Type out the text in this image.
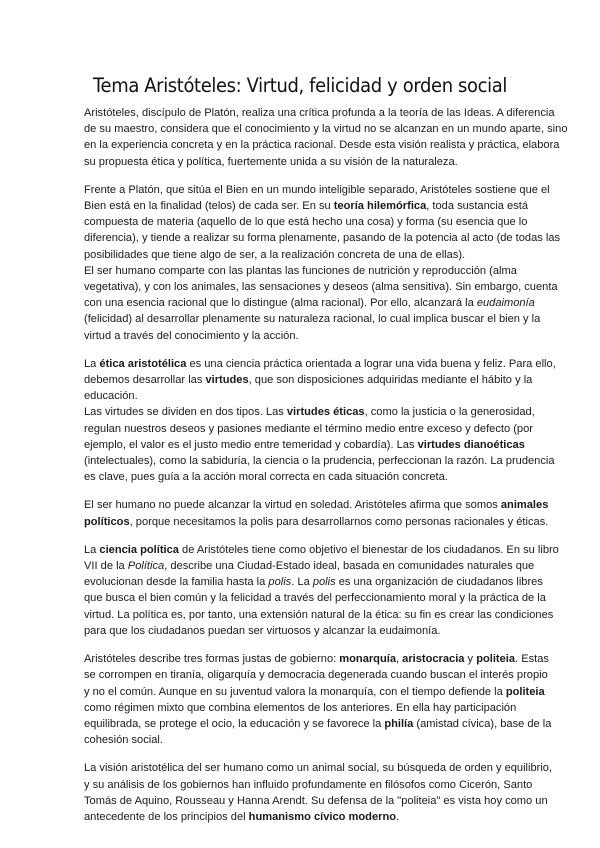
Tema Aristóteles: Virtud, felicidad y orden social
Aristóteles, discípulo de Platón, realiza una crítica profunda a la teoría de las Ideas. A diferencia
de su maestro, considera que el conocimiento y la virtud no se alcanzan en un mundo aparte, sino
en la experiencia concreta y en la práctica racional. Desde esta visión realista y práctica, elabora
su propuesta ética y política, fuertemente unida a su visión de la naturaleza.
Frente a Platón, que sitúa el Bien en un mundo inteligible separado, Aristóteles sostiene que el
Bien está en la finalidad (telos) de cada ser. En su teoría hilemórfica, toda sustancia está
compuesta de materia (aquello de lo que está hecho una cosa) y forma (su esencia que lo
diferencia), y tiende a realizar su forma plenamente, pasando de la potencia al acto (de todas las
posibilidades que tiene algo de ser, a la realización concreta de una de ellas).
El ser humano comparte con las plantas las funciones de nutrición y reproducción (alma
vegetativa), y con los animales, las sensaciones y deseos (alma sensitiva). Sin embargo, cuenta
con una esencia racional que lo distingue (alma racional). Por ello, alcanzará la eudaimonía
(felicidad) al desarrollar plenamente su naturaleza racional, lo cual implica buscar el bien y la
virtud a través del conocimiento y la acción.
La ética aristotélica es una ciencia práctica orientada a lograr una vida buena y feliz. Para ello,
debemos desarrollar las virtudes, que son disposiciones adquiridas mediante el hábito y la
educación.
Las virtudes se dividen en dos tipos. Las virtudes éticas, como la justicia o la generosidad,
regulan nuestros deseos y pasiones mediante el término medio entre exceso y defecto (por
ejemplo, el valor es el justo medio entre temeridad y cobardía). Las virtudes dianoéticas
(intelectuales), como la sabiduría, la ciencia o la prudencia, perfeccionan la razón. La prudencia
es clave, pues guía a la acción moral correcta en cada situación concreta.
El ser humano no puede alcanzar la virtud en soledad. Aristóteles afirma que somos animales
políticos, porque necesitamos la polis para desarrollarnos como personas racionales y éticas.
La ciencia política de Aristóteles tiene como objetivo el bienestar de los ciudadanos. En su libro
VII de la Política, describe una Ciudad-Estado ideal, basada en comunidades naturales que
evolucionan desde la familia hasta la polis. La polis es una organización de ciudadanos libres
que busca el bien común y la felicidad a través del perfeccionamiento moral y la práctica de la
virtud. La política es, por tanto, una extensión natural de la ética: su fin es crear las condiciones
para que los ciudadanos puedan ser virtuosos y alcanzar la eudaimonía.
Aristóteles describe tres formas justas de gobierno: monarquía, aristocracia y politeia. Estas
se corrompen en tiranía, oligarquía y democracia degenerada cuando buscan el interés propio
y no el común. Aunque en su juventud valora la monarquía, con el tiempo defiende la politeia
como régimen mixto que combina elementos de los anteriores. En ella hay participación
equilibrada, se protege el ocio, la educación y se favorece la philía (amistad cívica), base de la
cohesión social.
La visión aristotélica del ser humano como un animal social, su búsqueda de orden y equilibrio,
y su análisis de los gobiernos han influido profundamente en filósofos como Cicerón, Santo
Tomás de Aquino, Rousseau y Hanna Arendt. Su defensa de la "politeia" es vista hoy como un
antecedente de los principios del humanismo cívico moderno.
